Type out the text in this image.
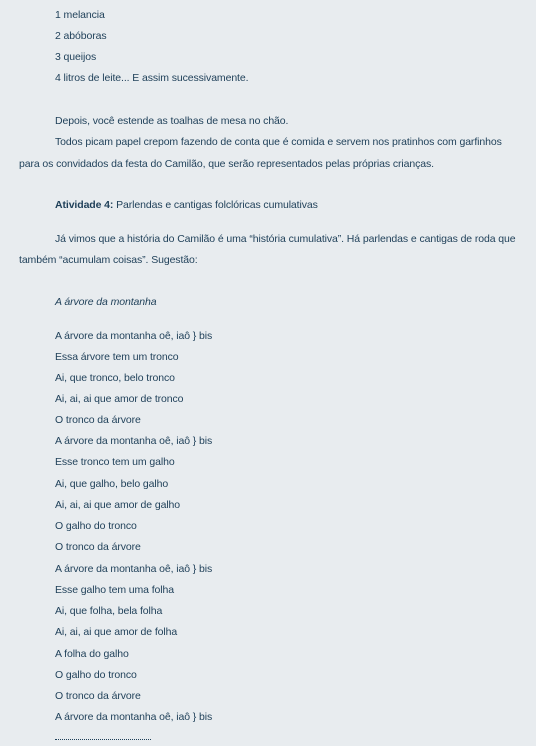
1 melancia
2 abóboras
3 queijos
4 litros de leite... E assim sucessivamente.
Depois, você estende as toalhas de mesa no chão.
Todos picam papel crepom fazendo de conta que é comida e servem nos pratinhos com garfinhos
para os convidados da festa do Camilão, que serão representados pelas próprias crianças.
Atividade 4: Parlendas e cantigas folclóricas cumulativas
Já vimos que a história do Camilão é uma “história cumulativa”. Há parlendas e cantigas de roda que
também “acumulam coisas”. Sugestão:
A árvore da montanha
A árvore da montanha oê, iaô } bis
Essa árvore tem um tronco
Ai, que tronco, belo tronco
Ai, ai, ai que amor de tronco
O tronco da árvore
A árvore da montanha oê, iaô } bis
Esse tronco tem um galho
Ai, que galho, belo galho
Ai, ai, ai que amor de galho
O galho do tronco
O tronco da árvore
A árvore da montanha oê, iaô } bis
Esse galho tem uma folha
Ai, que folha, bela folha
Ai, ai, ai que amor de folha
A folha do galho
O galho do tronco
O tronco da árvore
A árvore da montanha oê, iaô } bis
